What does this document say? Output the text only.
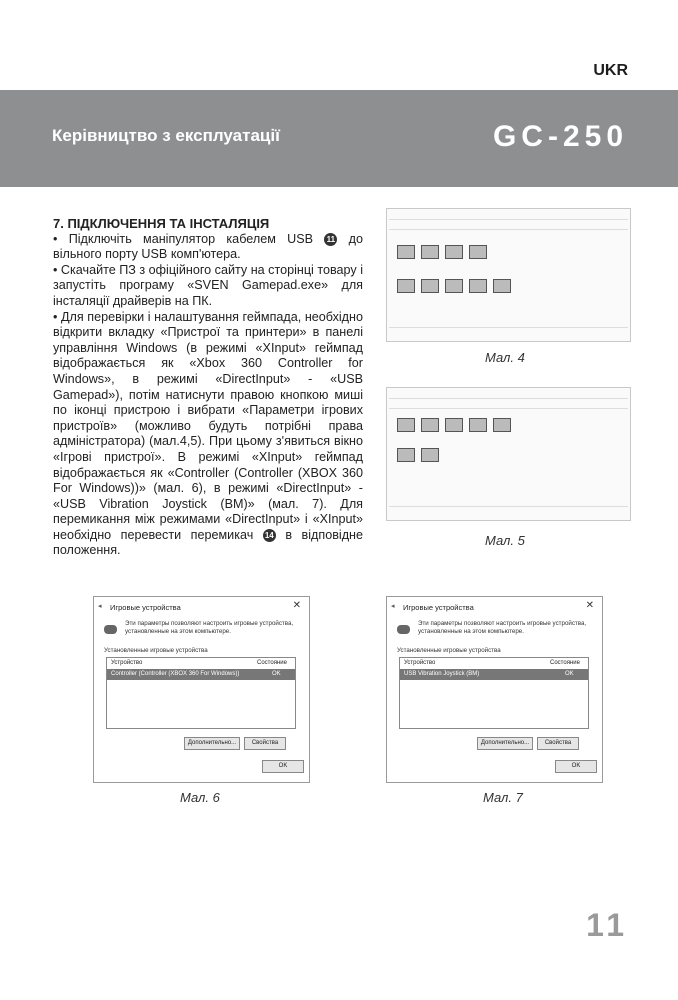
UKR
Керівництво з експлуатації	GC-250

7. ПІДКЛЮЧЕННЯ ТА ІНСТАЛЯЦІЯ

• Підключіть маніпулятор кабелем USB 11 до вільного порту USB комп'ютера.

• Скачайте ПЗ з офіційного сайту на сторінці товару і запустіть програму «SVEN Gamepad.exe» для інсталяції драйверів на ПК.

• Для перевірки і налаштування геймпада, необхідно відкрити вкладку «Пристрої та принтери» в панелі управління Windows (в режимі «XInput» геймпад відображається як «Xbox 360 Controller for Windows», в режимі «DirectInput» - «USB Gamepad»), потім натиснути правою кнопкою миші по іконці пристрою і вибрати «Параметри ігрових пристроїв» (можливо будуть потрібні права адміністратора) (мал.4,5). При цьому з'явиться вікно «Ігрові пристрої». В режимі «XInput» геймпад відображається як «Controller (Controller (XBOX 360 For Windows))» (мал. 6), в режимі «DirectInput» - «USB Vibration Joystick (BM)» (мал. 7). Для перемикання між режимами «DirectInput» і «XInput» необхідно перевести перемикач 14 в відповідне положення.

Мал. 4
Мал. 5
◂ Игровые устройства	✕
Эти параметры позволяют настроить игровые устройства, установленные на этом компьютере.
Установленные игровые устройства
Устройство	Состояние
Controller (Controller (XBOX 360 For Windows))	OK
Дополнительно...	Свойства
OK
Мал. 6
◂ Игровые устройства	✕
Эти параметры позволяют настроить игровые устройства, установленные на этом компьютере.
Установленные игровые устройства
Устройство	Состояние
USB Vibration Joystick (BM)	OK
Дополнительно...	Свойства
OK
Мал. 7
11
